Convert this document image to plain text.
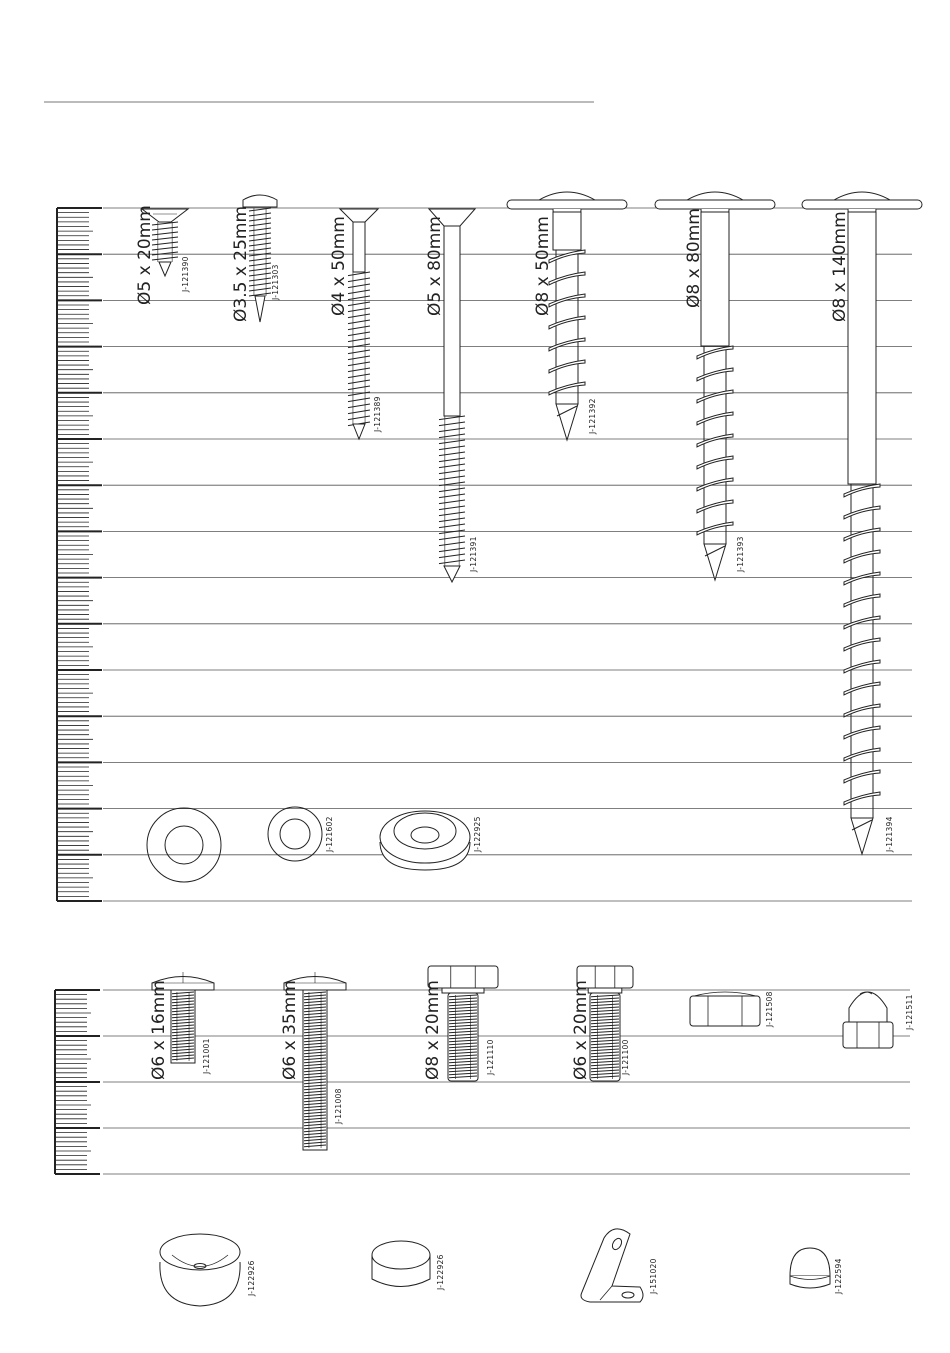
Ø5 x 20mm	J-121390 Ø3.5 x 25mm	J-121303	Ø4 x 50mm
J-121389
Ø5 x 80mm
J-121391
Ø8 x 50mm
J-121392
Ø8 x 80mm
J-121393
Ø8 x 140mm
J-121394
J-121602	J-122925
Ø6 x 16mm	J-121001	Ø6 x 35mm
J-121008
Ø8 x 20mm	J-121110	Ø6 x 20mm	J-121100
J-121508	J-121511
J-122926	J-122926	J-151020	J-122594
